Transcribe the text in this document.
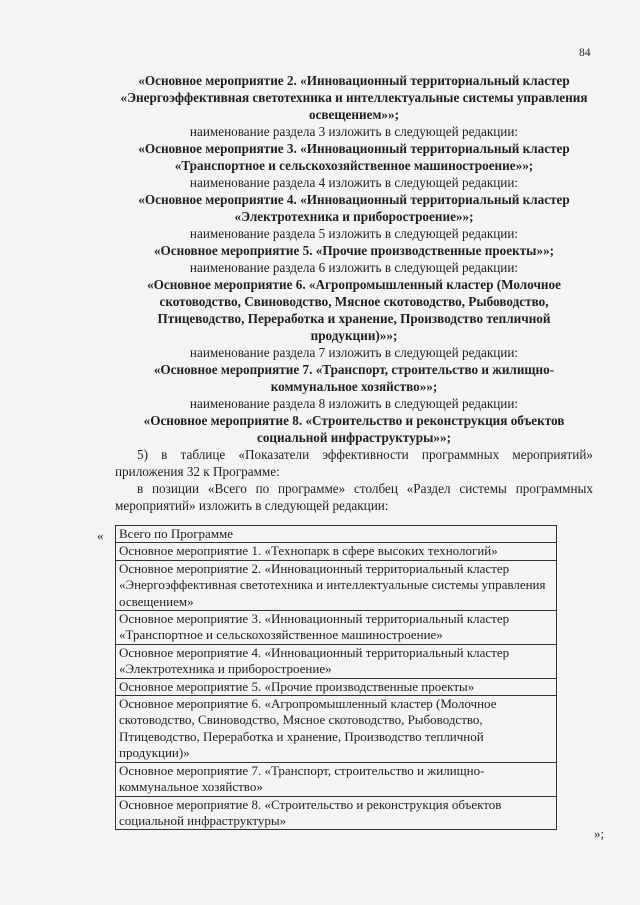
84

«Основное мероприятие 2. «Инновационный территориальный кластер «Энергоэффективная светотехника и интеллектуальные системы управления освещением»»;

наименование раздела 3 изложить в следующей редакции:

«Основное мероприятие 3. «Инновационный территориальный кластер «Транспортное и сельскохозяйственное машиностроение»»;

наименование раздела 4 изложить в следующей редакции:

«Основное мероприятие 4. «Инновационный территориальный кластер «Электротехника и приборостроение»»;

наименование раздела 5 изложить в следующей редакции:

«Основное мероприятие 5. «Прочие производственные проекты»»;

наименование раздела 6 изложить в следующей редакции:

«Основное мероприятие 6. «Агропромышленный кластер (Молочное скотоводство, Свиноводство, Мясное скотоводство, Рыбоводство, Птицеводство, Переработка и хранение, Производство тепличной продукции)»»;

наименование раздела 7 изложить в следующей редакции:

«Основное мероприятие 7. «Транспорт, строительство и жилищно-коммунальное хозяйство»»;

наименование раздела 8 изложить в следующей редакции:

«Основное мероприятие 8. «Строительство и реконструкция объектов социальной инфраструктуры»»;

5) в таблице «Показатели эффективности программных мероприятий» приложения 32 к Программе:

в позиции «Всего по программе» столбец «Раздел системы программных мероприятий» изложить в следующей редакции:

« Всего по Программе
Основное мероприятие 1. «Технопарк в сфере высоких технологий»
Основное мероприятие 2. «Инновационный территориальный кластер «Энергоэффективная светотехника и интеллектуальные системы управления освещением»
Основное мероприятие 3. «Инновационный территориальный кластер «Транспортное и сельскохозяйственное машиностроение»
Основное мероприятие 4. «Инновационный территориальный кластер «Электротехника и приборостроение»
Основное мероприятие 5. «Прочие производственные проекты»
Основное мероприятие 6. «Агропромышленный кластер (Молочное скотоводство, Свиноводство, Мясное скотоводство, Рыбоводство, Птицеводство, Переработка и хранение, Производство тепличной продукции)»
Основное мероприятие 7. «Транспорт, строительство и жилищно-коммунальное хозяйство»
Основное мероприятие 8. «Строительство и реконструкция объектов социальной инфраструктуры»
»;
